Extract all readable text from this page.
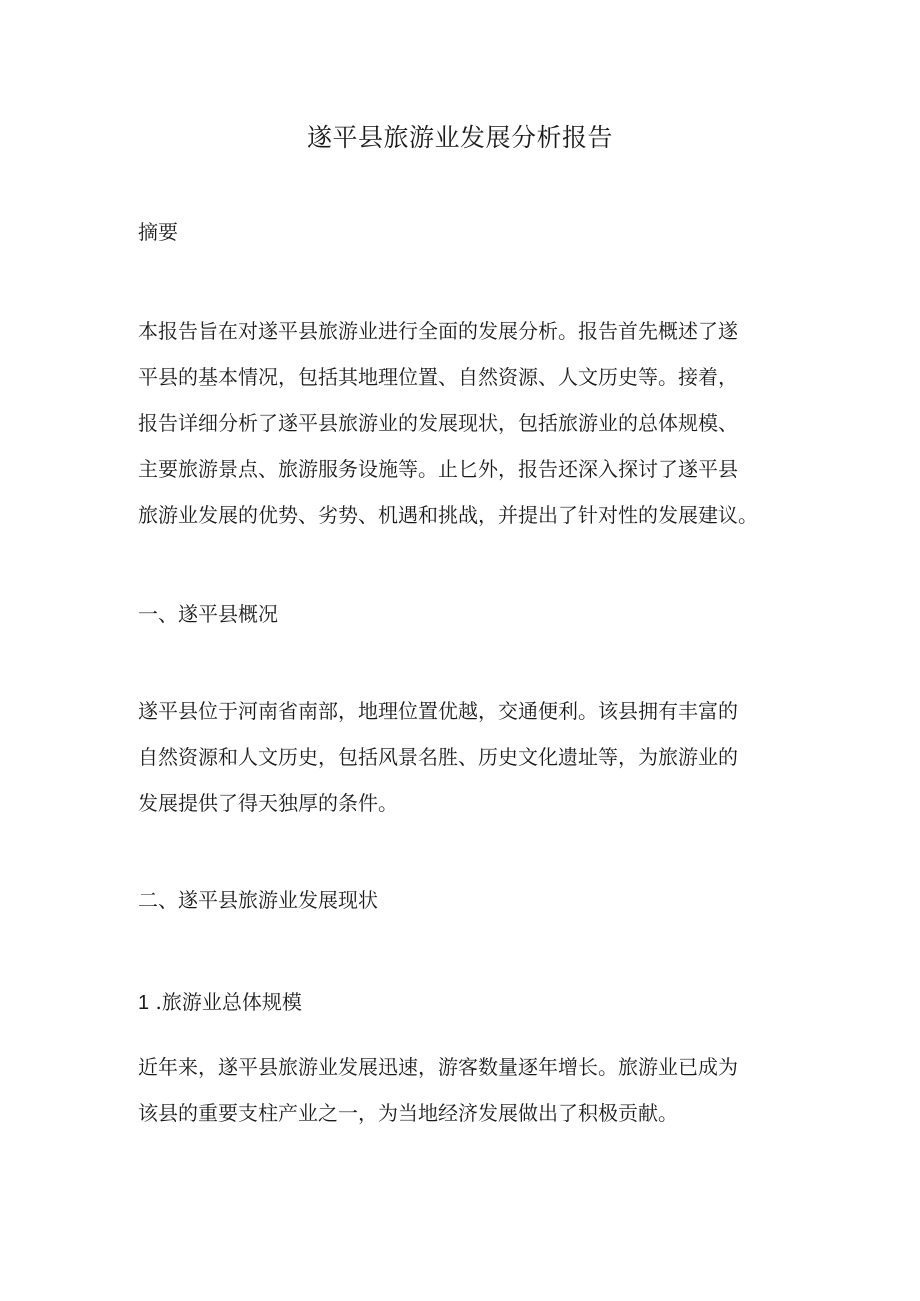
遂平县旅游业发展分析报告
摘要
本报告旨在对遂平县旅游业进行全面的发展分析。报告首先概述了遂
平县的基本情况，包括其地理位置、自然资源、人文历史等。接着，
报告详细分析了遂平县旅游业的发展现状，包括旅游业的总体规模、
主要旅游景点、旅游服务设施等。止匕外，报告还深入探讨了遂平县
旅游业发展的优势、劣势、机遇和挑战，并提出了针对性的发展建议。
一、遂平县概况
遂平县位于河南省南部，地理位置优越，交通便利。该县拥有丰富的
自然资源和人文历史，包括风景名胜、历史文化遗址等，为旅游业的
发展提供了得天独厚的条件。
二、遂平县旅游业发展现状
1 .旅游业总体规模
近年来，遂平县旅游业发展迅速，游客数量逐年增长。旅游业已成为
该县的重要支柱产业之一，为当地经济发展做出了积极贡献。
